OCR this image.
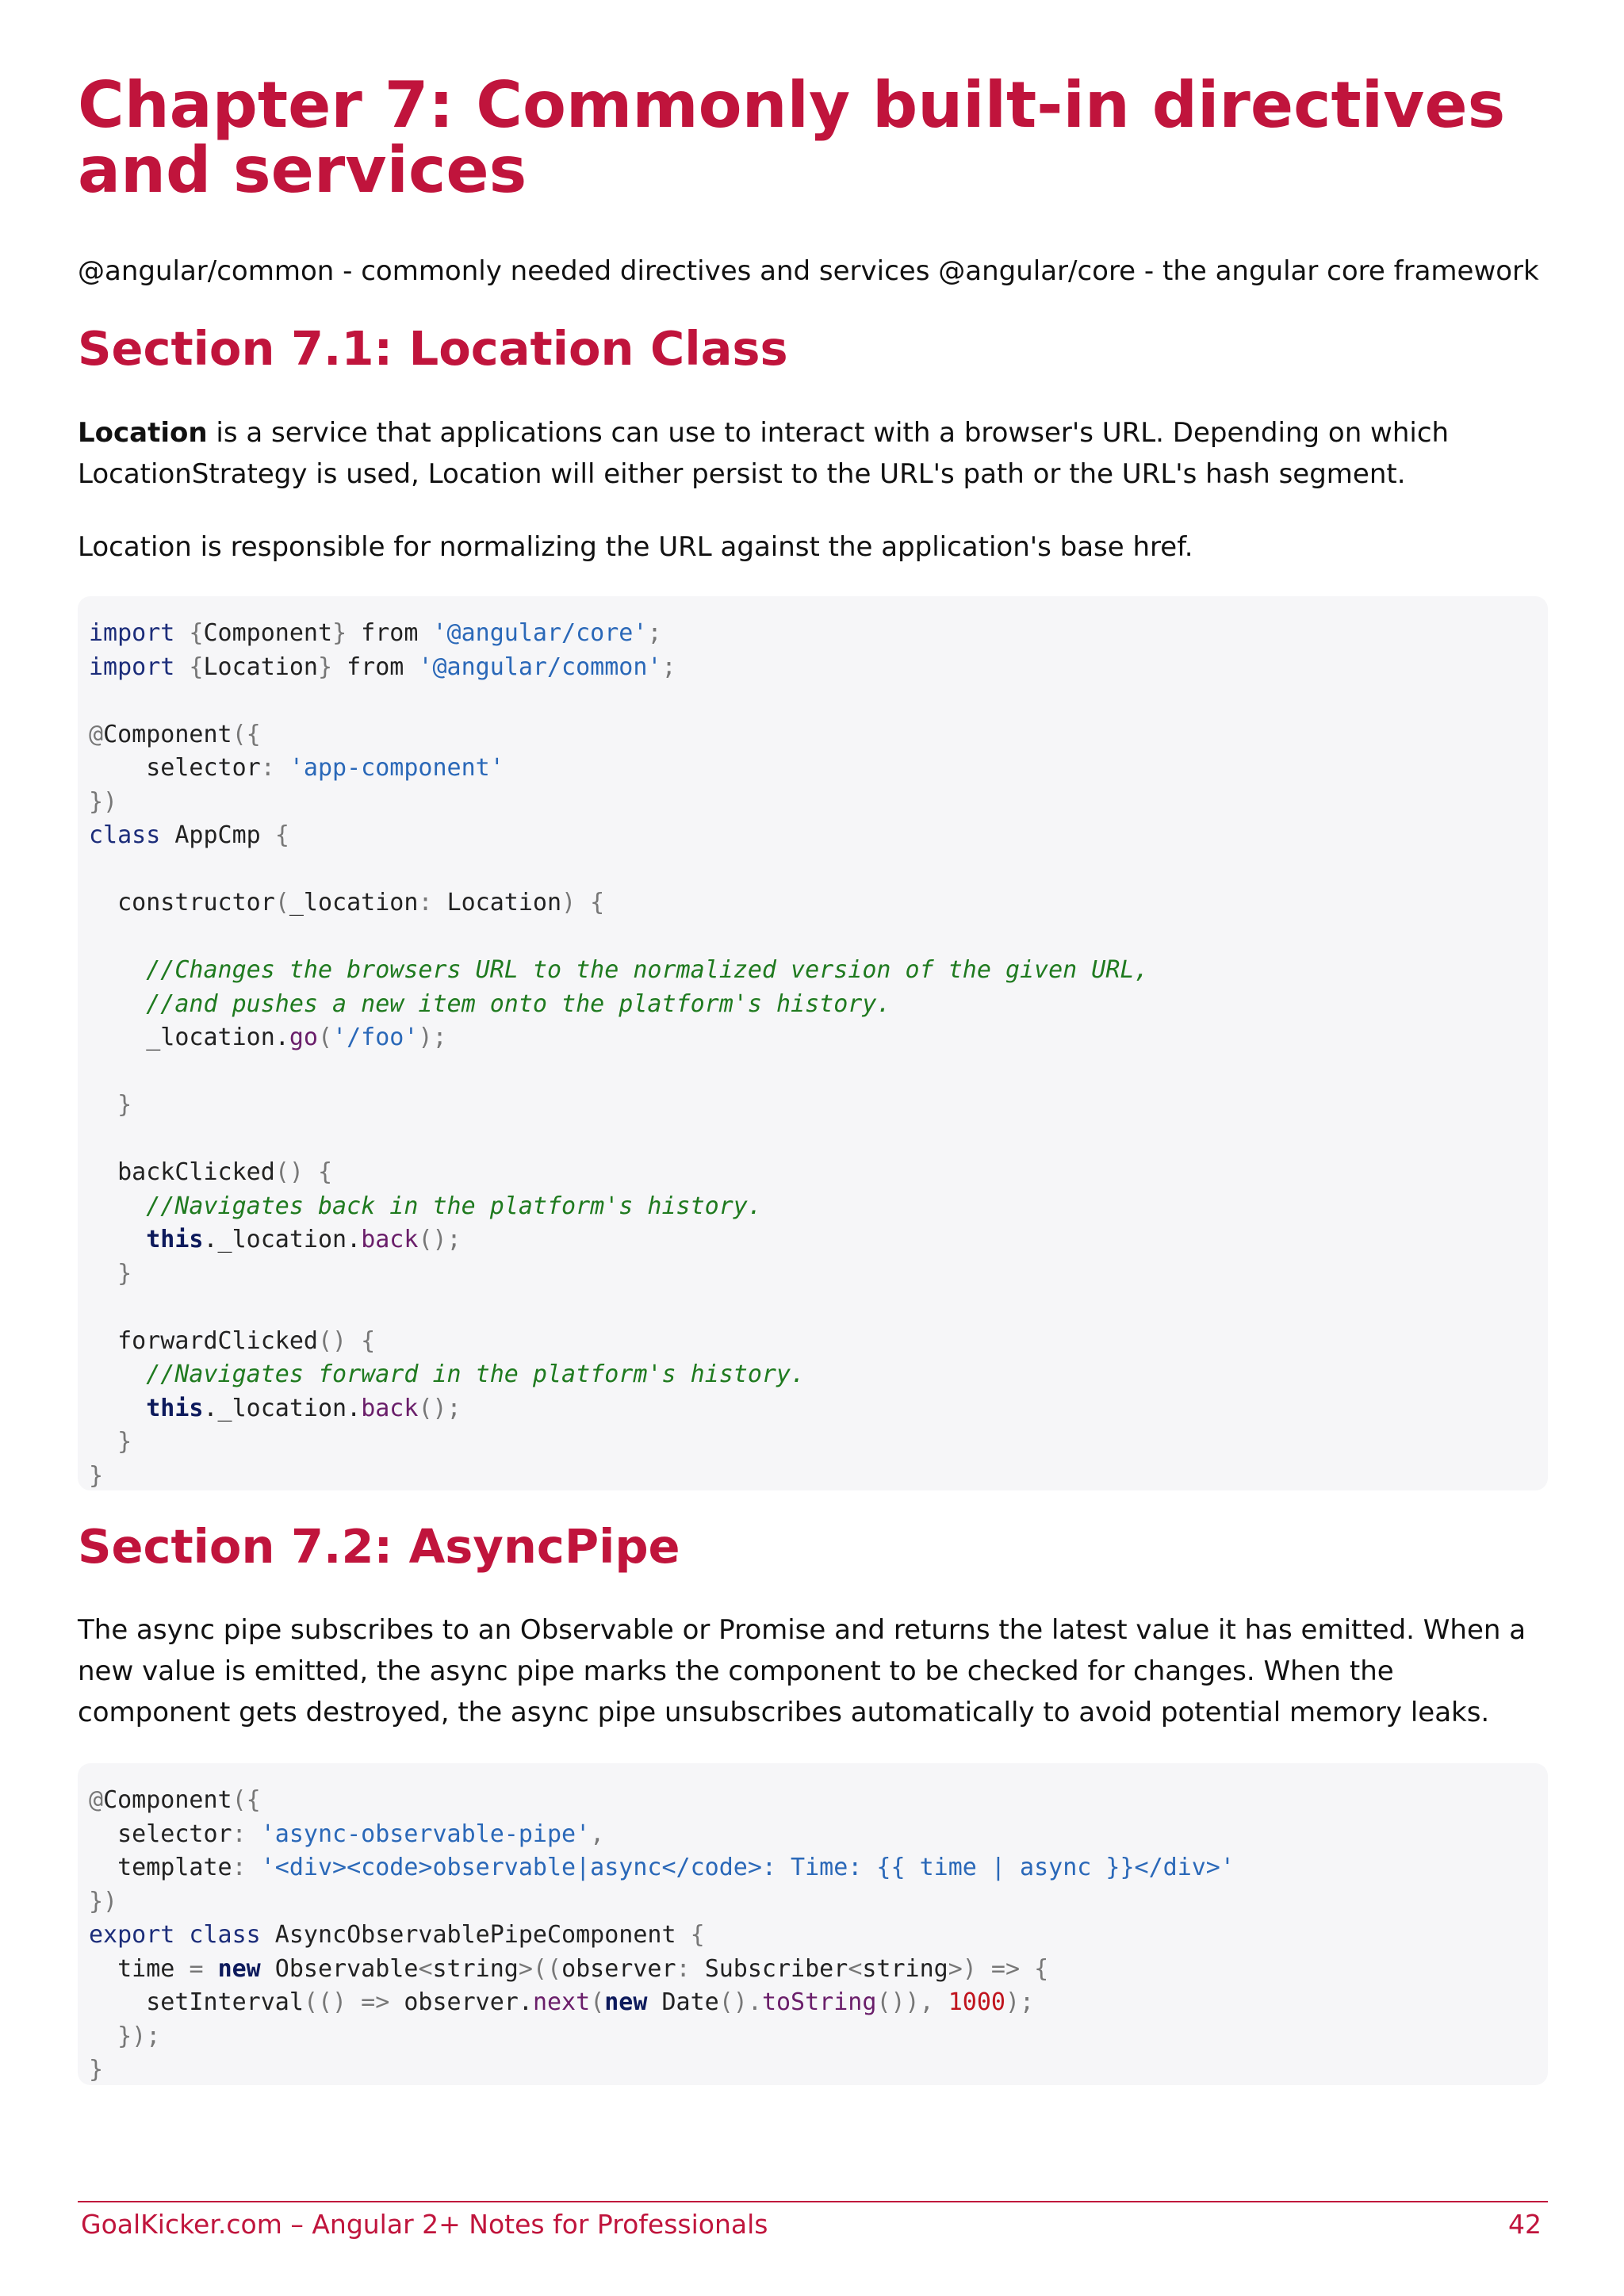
Chapter 7: Commonly built-in directives and services

@angular/common - commonly needed directives and services @angular/core - the angular core framework

Section 7.1: Location Class

Location is a service that applications can use to interact with a browser's URL. Depending on which LocationStrategy is used, Location will either persist to the URL's path or the URL's hash segment.

Location is responsible for normalizing the URL against the application's base href.

import {Component} from '@angular/core';
import {Location} from '@angular/common';

@Component({
selector: 'app-component'
})
class AppCmp {

constructor(_location: Location) {

//Changes the browsers URL to the normalized version of the given URL,
//and pushes a new item onto the platform's history.
_location.go('/foo');

}

backClicked() {
//Navigates back in the platform's history.
this._location.back();
}

forwardClicked() {
//Navigates forward in the platform's history.
this._location.back();
}
}
Section 7.2: AsyncPipe

The async pipe subscribes to an Observable or Promise and returns the latest value it has emitted. When a new value is emitted, the async pipe marks the component to be checked for changes. When the component gets destroyed, the async pipe unsubscribes automatically to avoid potential memory leaks.

@Component({
selector: 'async-observable-pipe',
template: '<div><code>observable|async</code>: Time: {{ time | async }}</div>'
})
export class AsyncObservablePipeComponent {
time = new Observable<string>((observer: Subscriber<string>) => {
setInterval(() => observer.next(new Date().toString()), 1000);
});
}
GoalKicker.com – Angular 2+ Notes for Professionals	42
